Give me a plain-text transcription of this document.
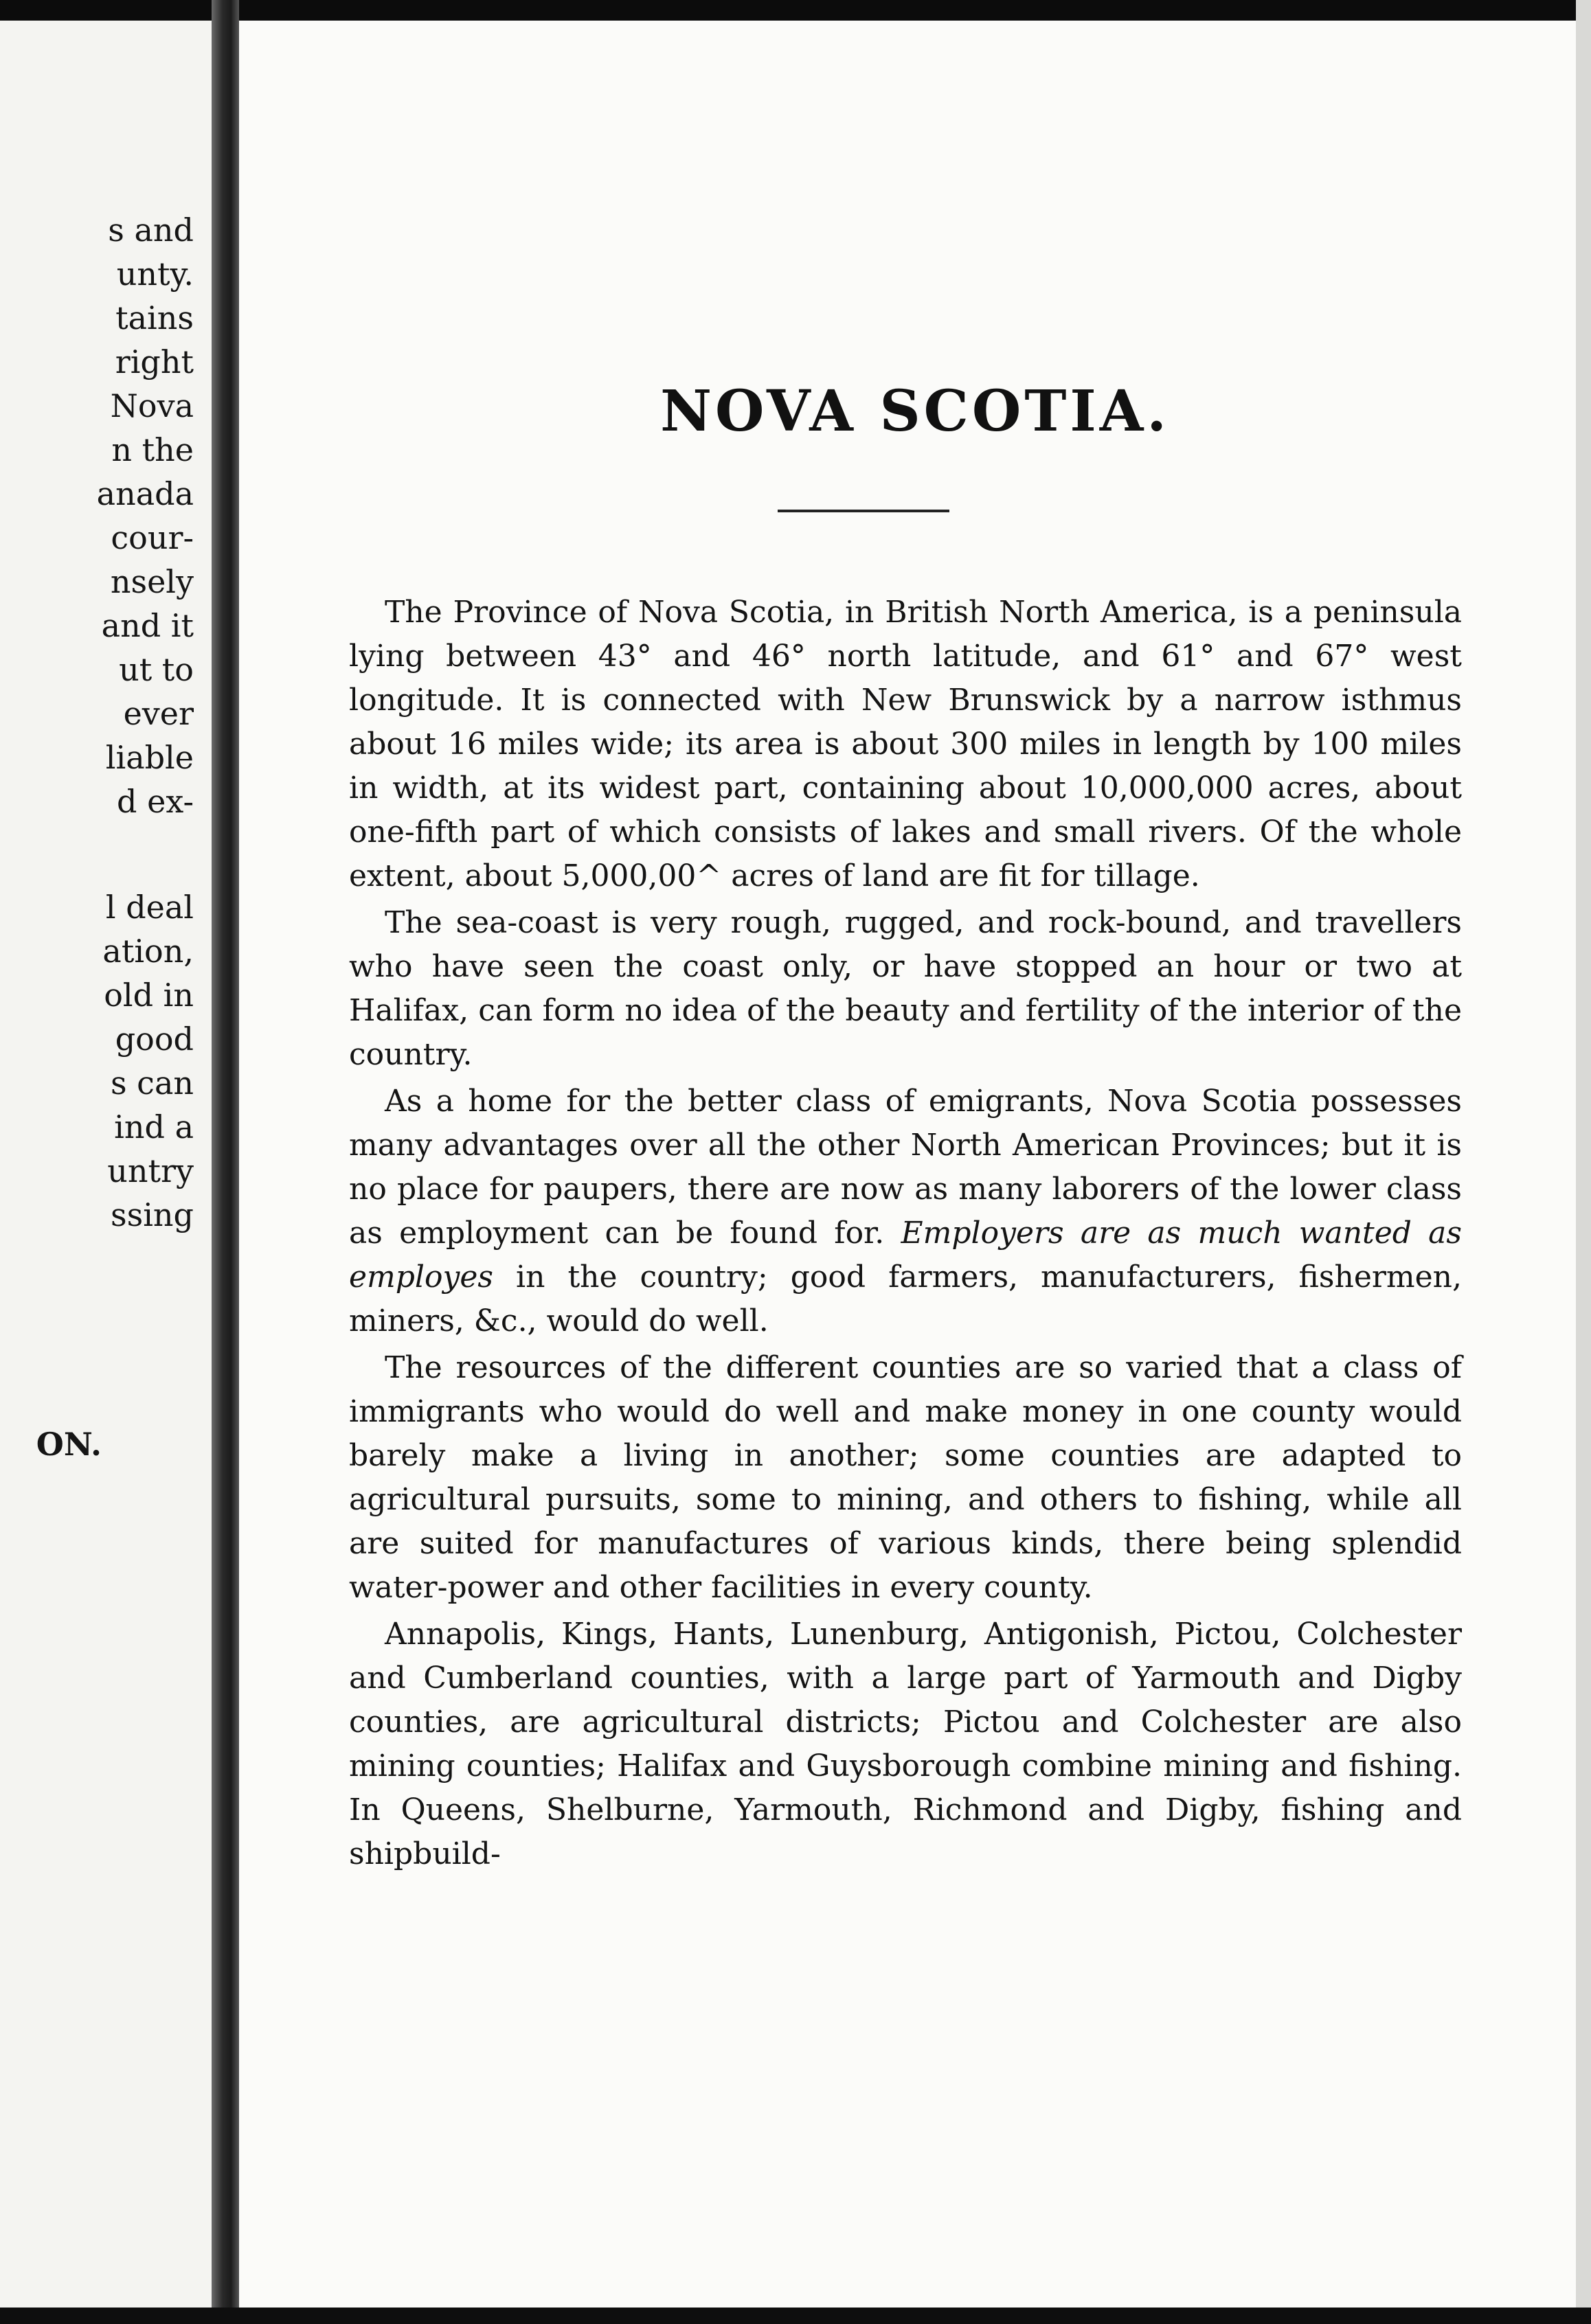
s and
unty.
tains
right
Nova
n the
anada
cour-
nsely
and it
ut to
ever
liable
d ex-
l deal
ation,
old in
good
s can
ind a
untry
ssing
ON.
NOVA SCOTIA.

The Province of Nova Scotia, in British North America, is a peninsula lying between 43° and 46° north latitude, and 61° and 67° west longitude. It is connected with New Brunswick by a narrow isthmus about 16 miles wide; its area is about 300 miles in length by 100 miles in width, at its widest part, containing about 10,000,000 acres, about one-fifth part of which consists of lakes and small rivers. Of the whole extent, about 5,000,00^ acres of land are fit for tillage.

The sea-coast is very rough, rugged, and rock-bound, and travellers who have seen the coast only, or have stopped an hour or two at Halifax, can form no idea of the beauty and fertility of the interior of the country.

As a home for the better class of emigrants, Nova Scotia possesses many advantages over all the other North American Provinces; but it is no place for paupers, there are now as many laborers of the lower class as employment can be found for. Employers are as much wanted as employes in the country; good farmers, manufacturers, fishermen, miners, &c., would do well.

The resources of the different counties are so varied that a class of immigrants who would do well and make money in one county would barely make a living in another; some counties are adapted to agricultural pursuits, some to mining, and others to fishing, while all are suited for manufactures of various kinds, there being splendid water-power and other facilities in every county.

Annapolis, Kings, Hants, Lunenburg, Antigonish, Pictou, Colchester and Cumberland counties, with a large part of Yarmouth and Digby counties, are agricultural districts; Pictou and Colchester are also mining counties; Halifax and Guysborough combine mining and fishing. In Queens, Shelburne, Yarmouth, Richmond and Digby, fishing and shipbuild-
